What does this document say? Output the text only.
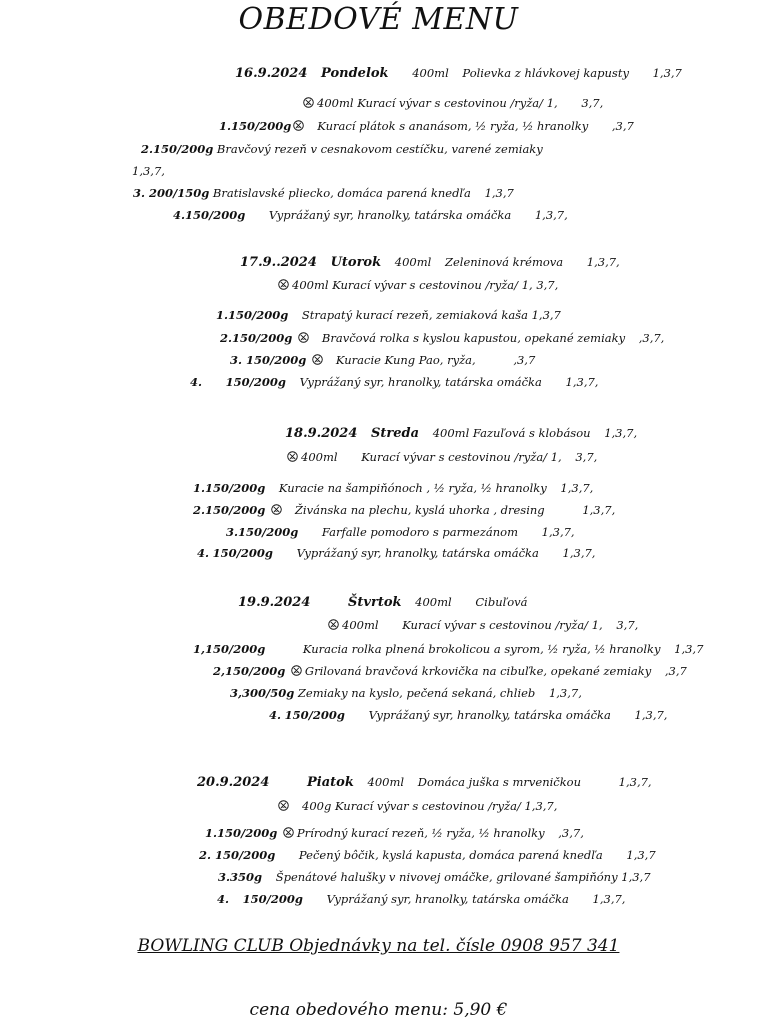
OBEDOVÉ MENU
16.9.2024 Pondelok 400ml Polievka z hlávkovej kapusty 1,3,7
400ml Kurací vývar s cestovinou /ryža/ 1, 3,7,
1.150/200g Kurací plátok s ananásom, ½ ryža, ½ hranolky ,3,7
2.150/200g Bravčový rezeň v cesnakovom cestíčku, varené zemiaky
1,3,7,
3. 200/150g Bratislavské pliecko, domáca parená knedľa 1,3,7
4.150/200g Vyprážaný syr, hranolky, tatárska omáčka 1,3,7,
17.9..2024 Utorok 400ml Zeleninová krémova 1,3,7,
400ml Kurací vývar s cestovinou /ryža/ 1, 3,7,
1.150/200g Strapatý kurací rezeň, zemiaková kaša 1,3,7
2.150/200g	Bravčová rolka s kyslou kapustou, opekané zemiaky ,3,7,
3. 150/200g	Kuracie Kung Pao, ryža,	,3,7
4. 150/200g Vyprážaný syr, hranolky, tatárska omáčka 1,3,7,
18.9.2024 Streda 400ml Fazuľová s klobásou 1,3,7,
400ml Kurací vývar s cestovinou /ryža/ 1, 3,7,
1.150/200g Kuracie na šampiňónoch , ½ ryža, ½ hranolky 1,3,7,
2.150/200g	Živánska na plechu, kyslá uhorka , dresing	1,3,7,
3.150/200g Farfalle pomodoro s parmezánom 1,3,7,
4. 150/200g Vyprážaný syr, hranolky, tatárska omáčka 1,3,7,
19.9.2024	Štvrtok 400ml Cibuľová
400ml Kurací vývar s cestovinou /ryža/ 1, 3,7,
1,150/200g	Kuracia rolka plnená brokolicou a syrom, ½ ryža, ½ hranolky 1,3,7
2,150/200g Grilovaná bravčová krkovička na cibuľke, opekané zemiaky ,3,7
3,300/50g Zemiaky na kyslo, pečená sekaná, chlieb 1,3,7,
4. 150/200g Vyprážaný syr, hranolky, tatárska omáčka 1,3,7,
20.9.2024	Piatok 400ml Domáca juška s mrveničkou	1,3,7,
400g Kurací vývar s cestovinou /ryža/ 1,3,7,
1.150/200g Prírodný kurací rezeň, ½ ryža, ½ hranolky ,3,7,
2. 150/200g Pečený bôčik, kyslá kapusta, domáca parená knedľa 1,3,7
3.350g Špenátové halušky v nivovej omáčke, grilované šampiňóny 1,3,7
4. 150/200g Vyprážaný syr, hranolky, tatárska omáčka 1,3,7,
BOWLING CLUB Objednávky na tel. čísle 0908 957 341
cena obedového menu: 5,90 €
